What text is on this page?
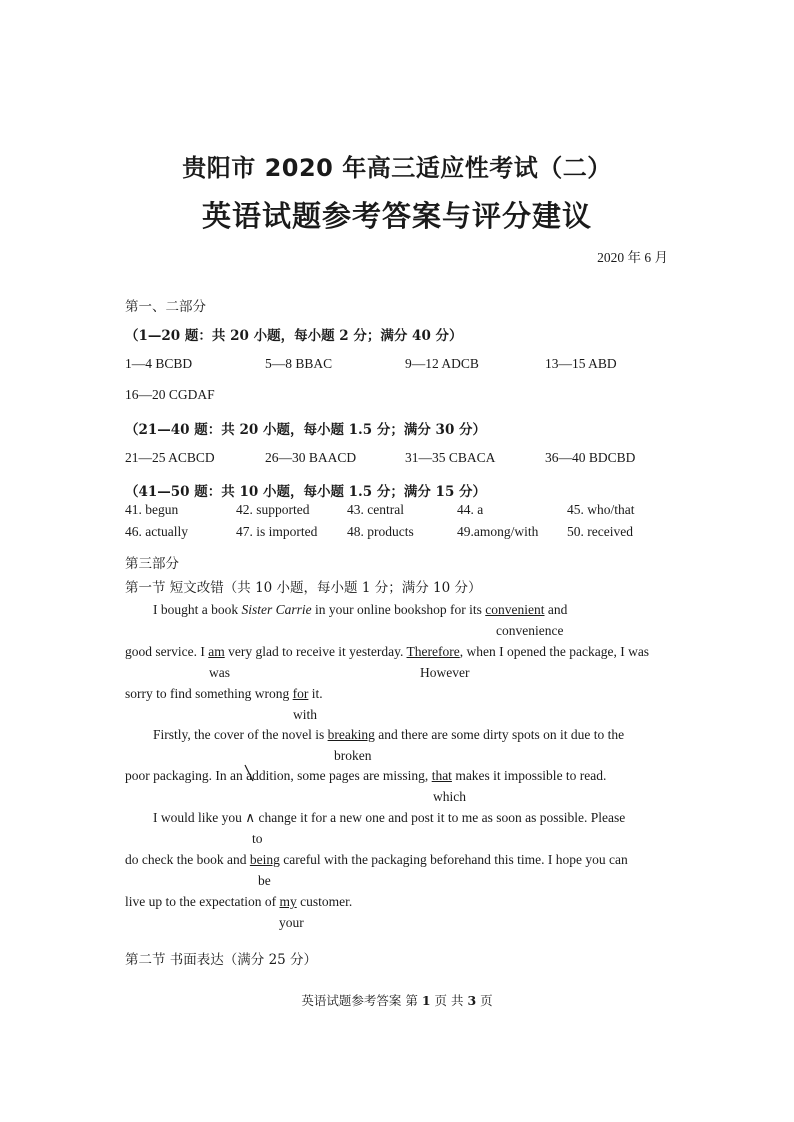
贵阳市 2020 年高三适应性考试（二）
英语试题参考答案与评分建议
2020 年 6 月
第一、二部分
（1—20 题：共 20 小题，每小题 2 分；满分 40 分）
1—4 BCBD	5—8 BBAC	9—12 ADCB	13—15 ABD
16—20 CGDAF
（21—40 题：共 20 小题，每小题 1.5 分；满分 30 分）
21—25 ACBCD	26—30 BAACD	31—35 CBACA	36—40 BDCBD
（41—50 题：共 10 小题，每小题 1.5 分；满分 15 分）
41. begun	42. supported	43. central	44. a	45. who/that
46. actually	47. is imported 48. products	49.among/with 50. received
第三部分
第一节 短文改错（共 10 小题，每小题 1 分；满分 10 分）
I bought a book Sister Carrie in your online bookshop for its convenient and
convenience
good service. I am very glad to receive it yesterday. Therefore, when I opened the package, I was
was	However
sorry to find something wrong for it.
with
Firstly, the cover of the novel is breaking and there are some dirty spots on it due to the
broken
poor packaging. In an addition, some pages are missing, that makes it impossible to read.
which
I would like you ∧ change it for a new one and post it to me as soon as possible. Please
to
do check the book and being careful with the packaging beforehand this time. I hope you can
be
live up to the expectation of my customer.
your
第二节 书面表达（满分 25 分）
英语试题参考答案 第 1 页 共 3 页
